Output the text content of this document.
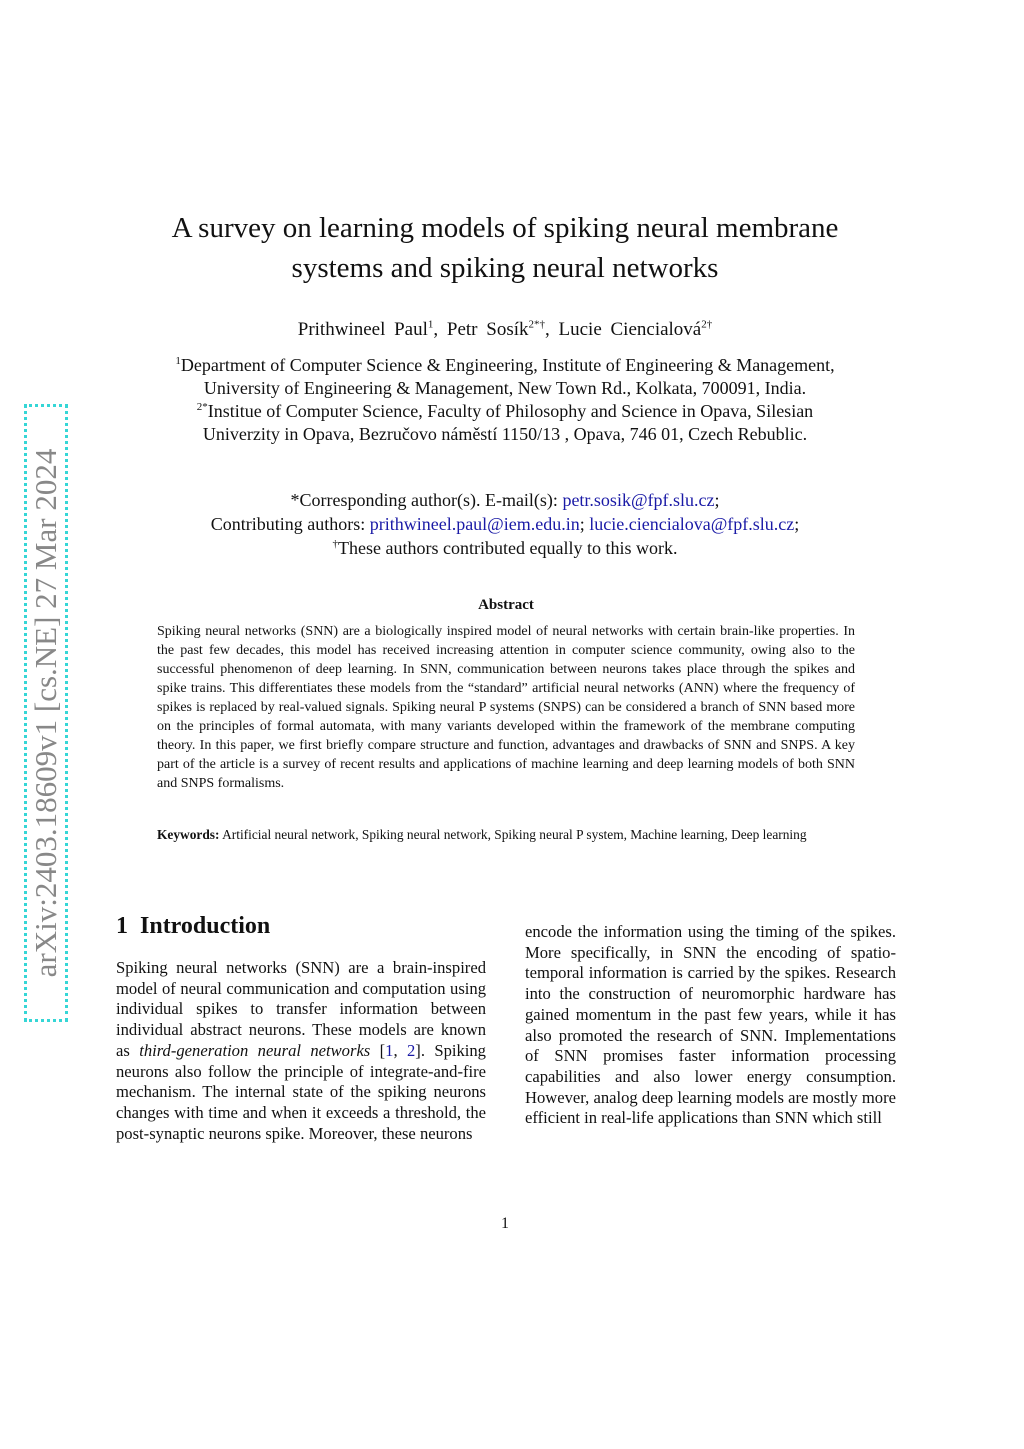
arXiv:2403.18609v1 [cs.NE] 27 Mar 2024
A survey on learning models of spiking neural membrane
systems and spiking neural networks
Prithwineel Paul$^1$, Petr Sosík$^{2*\dagger}$, Lucie Ciencialová$^{2\dagger}$
$^1$Department of Computer Science & Engineering, Institute of Engineering & Management,
University of Engineering & Management, New Town Rd., Kolkata, 700091, India.
$^{2*}$Institue of Computer Science, Faculty of Philosophy and Science in Opava, Silesian
Univerzity in Opava, Bezručovo náměstí 1150/13 , Opava, 746 01, Czech Rebublic.
*Corresponding author(s). E-mail(s): petr.sosik@fpf.slu.cz;
Contributing authors: prithwineel.paul@iem.edu.in; lucie.ciencialova@fpf.slu.cz;
†These authors contributed equally to this work.
Abstract
Spiking neural networks (SNN) are a biologically inspired model of neural networks with certain brain-like properties. In the past few decades, this model has received increasing attention in computer science community, owing also to the successful phenomenon of deep learning. In SNN, communication between neurons takes place through the spikes and spike trains. This differentiates these models from the “standard” artificial neural networks (ANN) where the frequency of spikes is replaced by real-valued signals. Spiking neural P systems (SNPS) can be considered a branch of SNN based more on the principles of formal automata, with many variants developed within the framework of the membrane computing theory. In this paper, we first briefly compare structure and function, advantages and drawbacks of SNN and SNPS. A key part of the article is a survey of recent results and applications of machine learning and deep learning models of both SNN and SNPS formalisms.
Keywords: Artificial neural network, Spiking neural network, Spiking neural P system, Machine learning, Deep learning
1 Introduction
Spiking neural networks (SNN) are a brain-inspired model of neural communication and computation using individual spikes to transfer information between individual abstract neurons. These models are known as third-generation neural networks [1, 2]. Spiking neurons also follow the principle of integrate-and-fire mechanism. The internal state of the spiking neurons changes with time and when it exceeds a threshold, the post-synaptic neurons spike. Moreover, these neurons
encode the information using the timing of the spikes. More specifically, in SNN the encoding of spatio-temporal information is carried by the spikes. Research into the construction of neuromorphic hardware has gained momentum in the past few years, while it has also promoted the research of SNN. Implementations of SNN promises faster information processing capabilities and also lower energy consumption. However, analog deep learning models are mostly more efficient in real-life applications than SNN which still
1
